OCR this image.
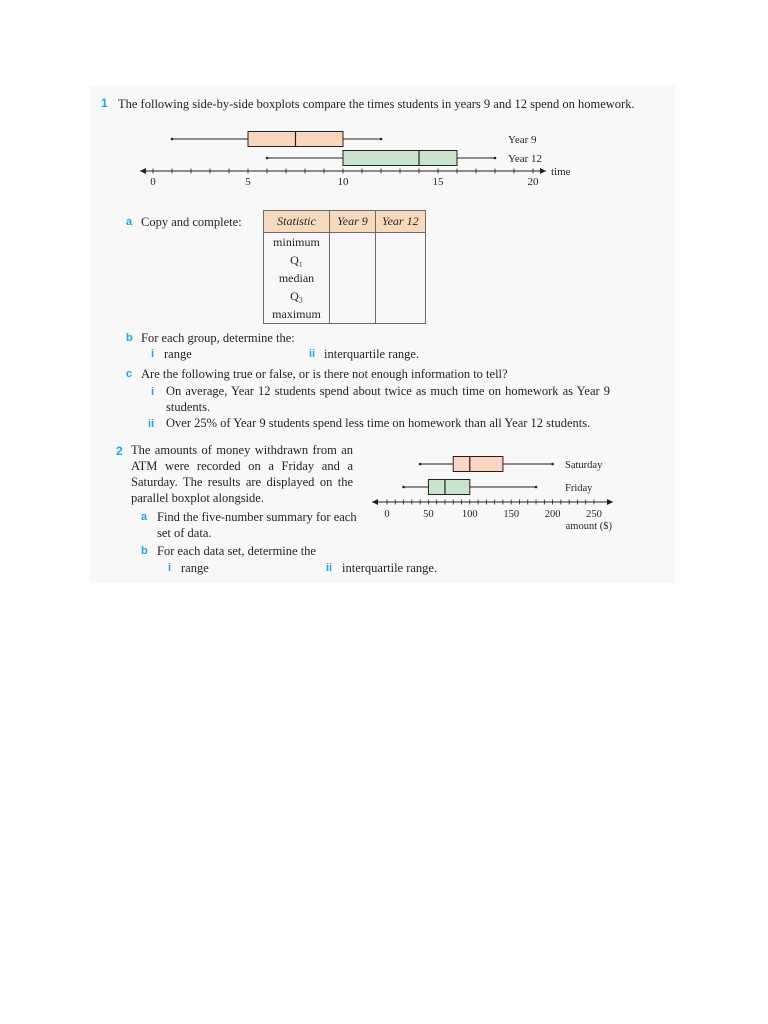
1 The following side-by-side boxplots compare the times students in years 9 and 12 spend on homework.
0	5	10	15	20
time
Year 9
Year 12
a Copy and complete:	Statistic	Year 9	Year 12
minimum		
Q₁		
median		
Q₃		
maximum		
b For each group, determine the:
i range	ii interquartile range.
c Are the following true or false, or is there not enough information to tell?
i On average, Year 12 students spend about twice as much time on homework as Year 9 students.
ii Over 25% of Year 9 students spend less time on homework than all Year 12 students.
2 The amounts of money withdrawn from an ATM were recorded on a Friday and a Saturday. The results are displayed on the parallel boxplot alongside.
0	50	100 150 200 250
amount ($)
Saturday
Friday
a Find the five-number summary for each set of data.
b For each data set, determine the
i range	ii interquartile range.
